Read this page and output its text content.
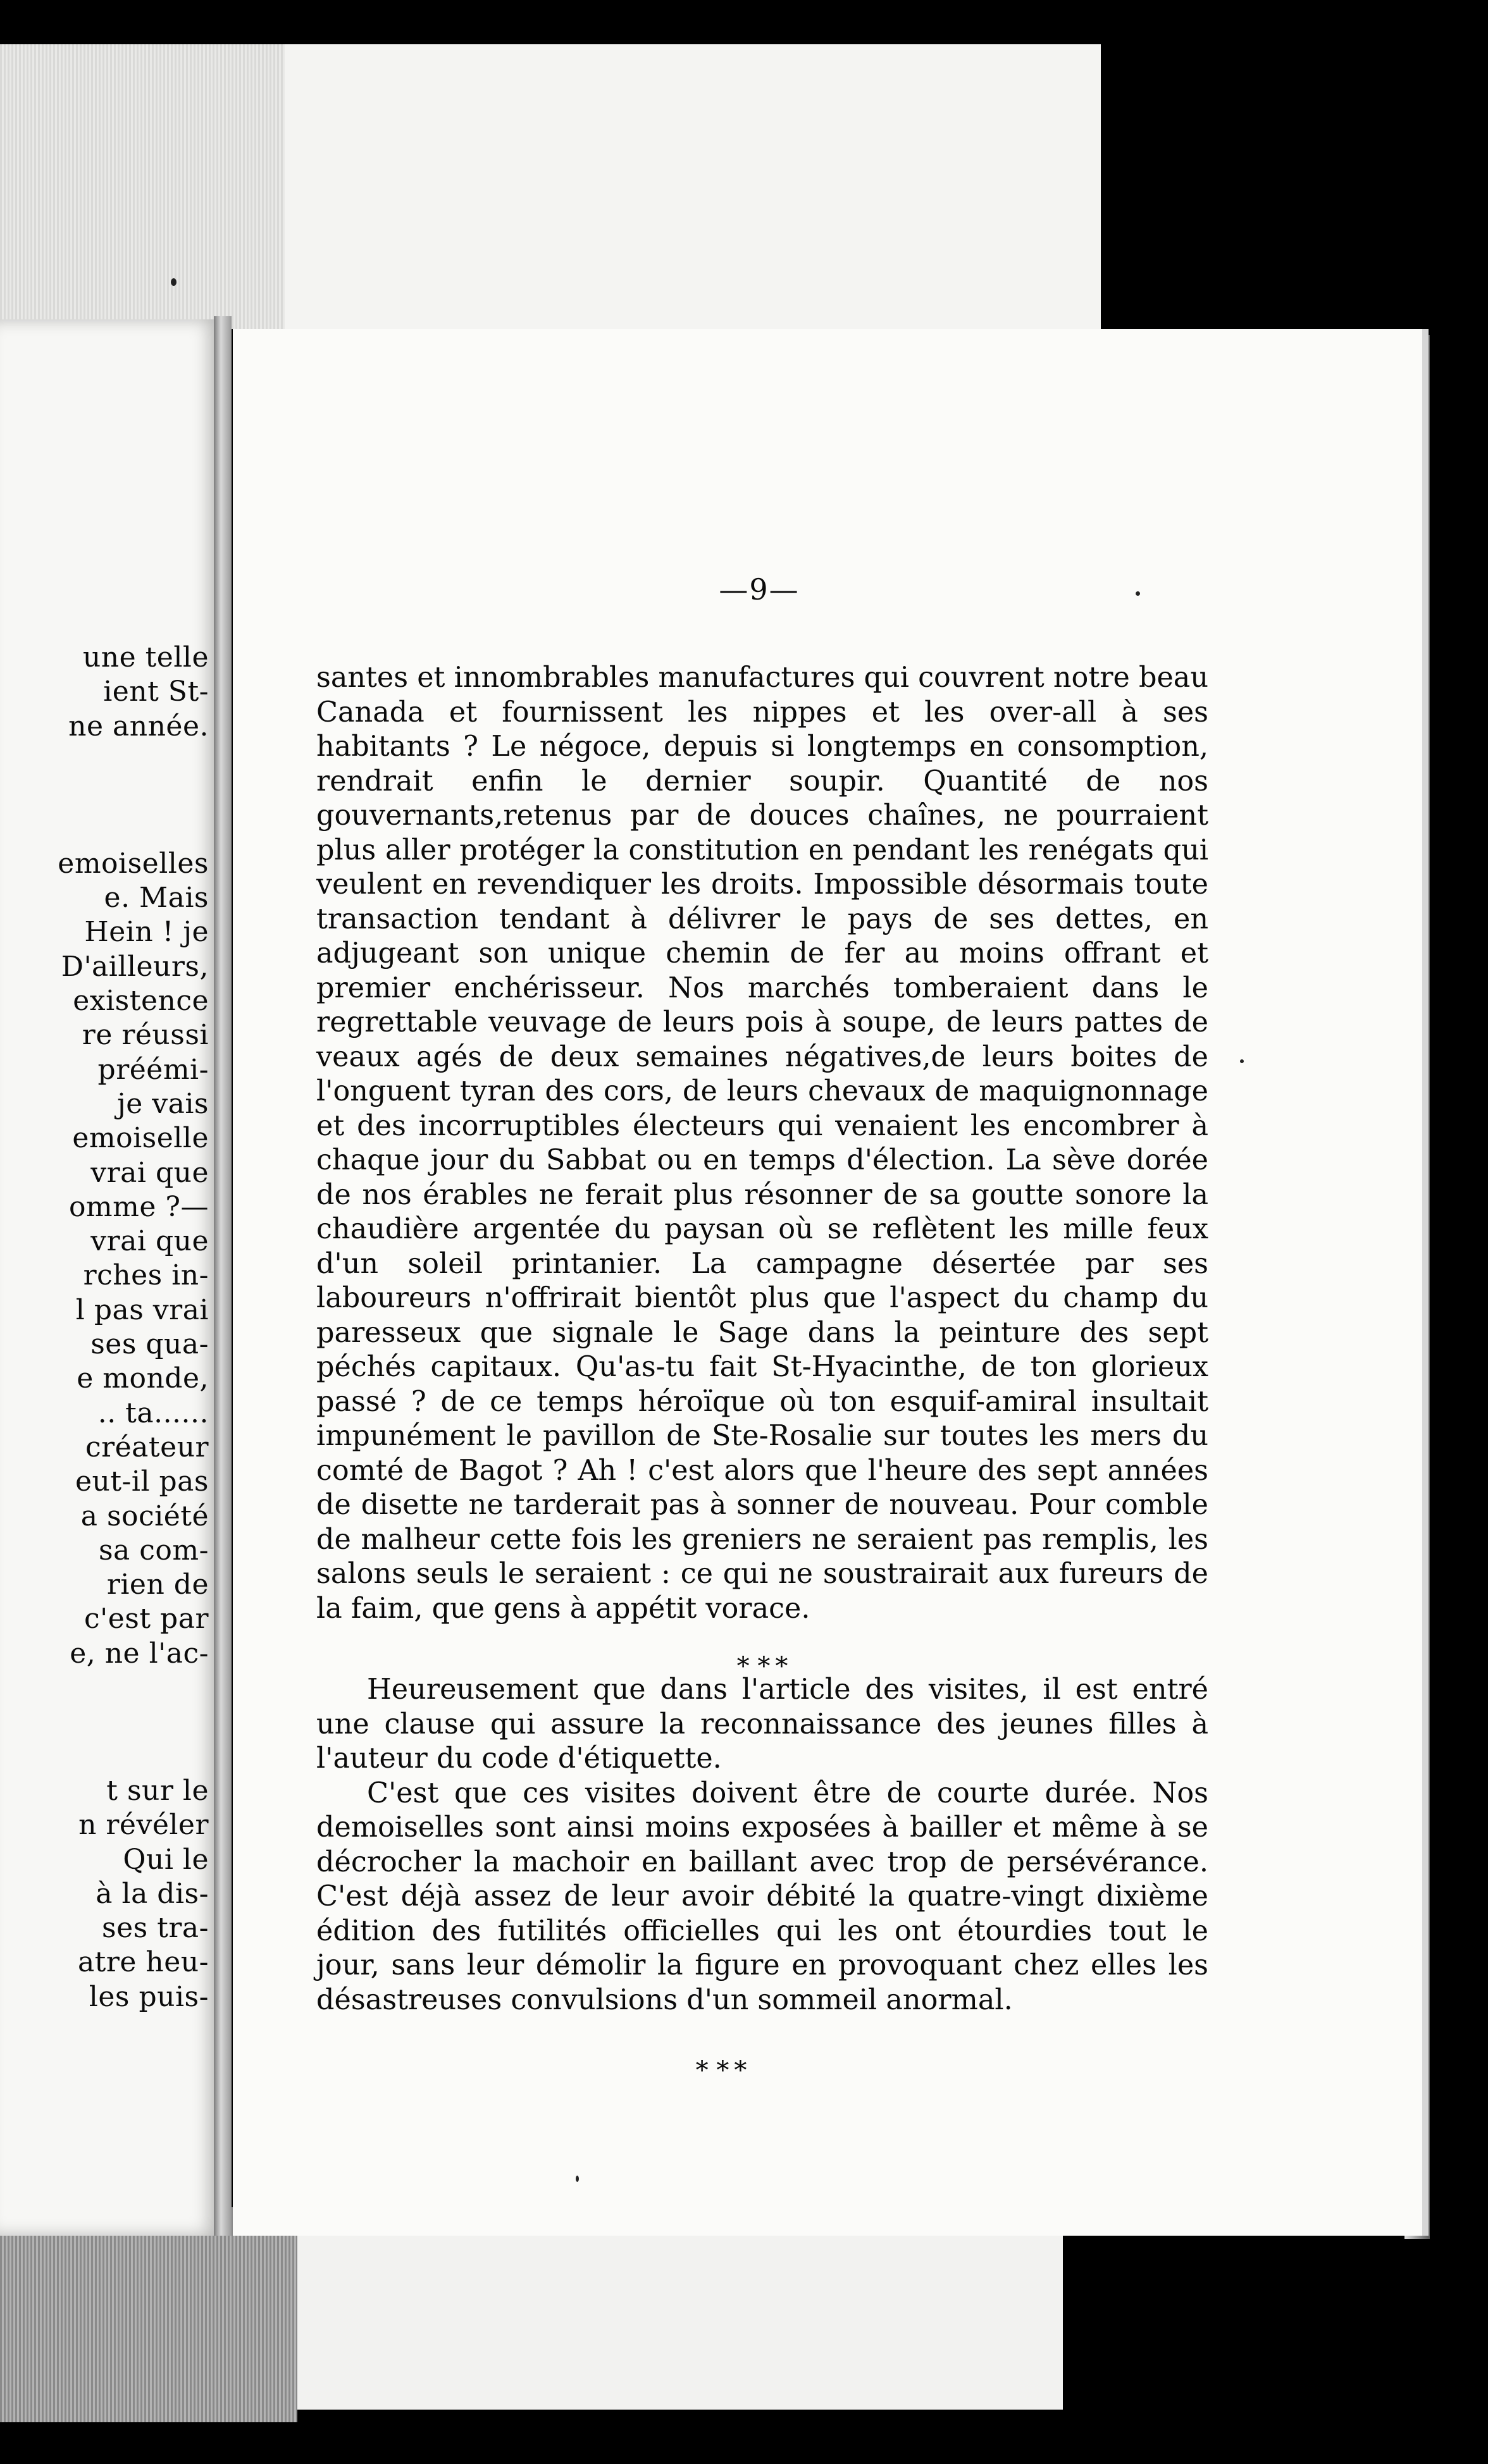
une telle
ient St-
ne année.
emoiselles
e. Mais
Hein ! je
D'ailleurs,
existence
re réussi
préémi-
je vais
emoiselle
vrai que
omme ?—
vrai que
rches in-
l pas vrai
ses qua-
e monde,
.. ta......
créateur
eut-il pas
a société
sa com-
rien de
c'est par
e, ne l'ac-
t sur le
n révéler
Qui le
à la dis-
ses tra-
atre heu-
les puis-
—9—

santes et innombrables manufactures qui couvrent notre beau Canada et fournissent les nippes et les over-all à ses habitants ? Le négoce, depuis si longtemps en consomption, rendrait enfin le dernier soupir. Quantité de nos gouvernants,retenus par de douces chaînes, ne pourraient plus aller protéger la constitution en pendant les renégats qui veulent en revendiquer les droits. Impossible désormais toute transaction tendant à délivrer le pays de ses dettes, en adjugeant son unique chemin de fer au moins offrant et premier enchérisseur. Nos marchés tomberaient dans le regrettable veuvage de leurs pois à soupe, de leurs pattes de veaux agés de deux semaines négatives,de leurs boites de l'onguent tyran des cors, de leurs chevaux de maquignonnage et des incorruptibles électeurs qui venaient les encombrer à chaque jour du Sabbat ou en temps d'élection. La sève dorée de nos érables ne ferait plus résonner de sa goutte sonore la chaudière argentée du paysan où se reflètent les mille feux d'un soleil printanier. La campagne désertée par ses laboureurs n'offrirait bientôt plus que l'aspect du champ du paresseux que signale le Sage dans la peinture des sept péchés capitaux. Qu'as-tu fait St-Hyacinthe, de ton glorieux passé ? de ce temps héroïque où ton esquif-amiral insultait impunément le pavillon de Ste-Rosalie sur toutes les mers du comté de Bagot ? Ah ! c'est alors que l'heure des sept années de disette ne tarderait pas à sonner de nouveau. Pour comble de malheur cette fois les greniers ne seraient pas remplis, les salons seuls le seraient : ce qui ne soustrairait aux fureurs de la faim, que gens à appétit vorace.

* * *

Heureusement que dans l'article des visites, il est entré une clause qui assure la reconnaissance des jeunes filles à l'auteur du code d'étiquette.

C'est que ces visites doivent être de courte durée. Nos demoiselles sont ainsi moins exposées à bailler et même à se décrocher la machoir en baillant avec trop de persévérance. C'est déjà assez de leur avoir débité la quatre-vingt dixième édition des futilités officielles qui les ont étourdies tout le jour, sans leur démolir la figure en provoquant chez elles les désastreuses convulsions d'un sommeil anormal.

* * *
